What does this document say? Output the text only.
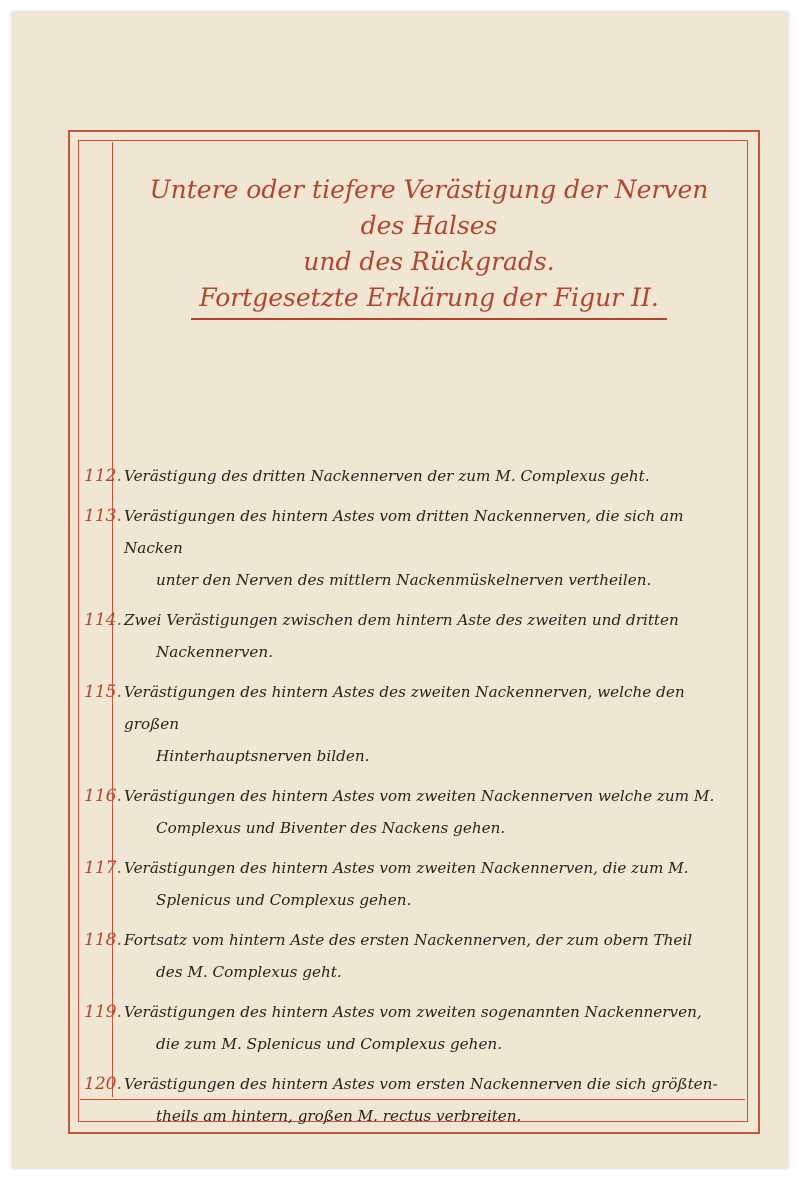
Untere oder tiefere Verästigung der Nerven des Halses
und des Rückgrads.
Fortgesetzte Erklärung der Figur II.
112. Verästigung des dritten Nackennerven der zum M. Complexus geht.
113. Verästigungen des hintern Astes vom dritten Nackennerven, die sich am Nacken
unter den Nerven des mittlern Nackenmüskelnerven vertheilen.
114. Zwei Verästigungen zwischen dem hintern Aste des zweiten und dritten
Nackennerven.
115. Verästigungen des hintern Astes des zweiten Nackennerven, welche den großen
Hinterhauptsnerven bilden.
116. Verästigungen des hintern Astes vom zweiten Nackennerven welche zum M.
Complexus und Biventer des Nackens gehen.
117. Verästigungen des hintern Astes vom zweiten Nackennerven, die zum M.
Splenicus und Complexus gehen.
118. Fortsatz vom hintern Aste des ersten Nackennerven, der zum obern Theil
des M. Complexus geht.
119. Verästigungen des hintern Astes vom zweiten sogenannten Nackennerven,
die zum M. Splenicus und Complexus gehen.
120. Verästigungen des hintern Astes vom ersten Nackennerven die sich größten-
theils am hintern, großen M. rectus verbreiten.
